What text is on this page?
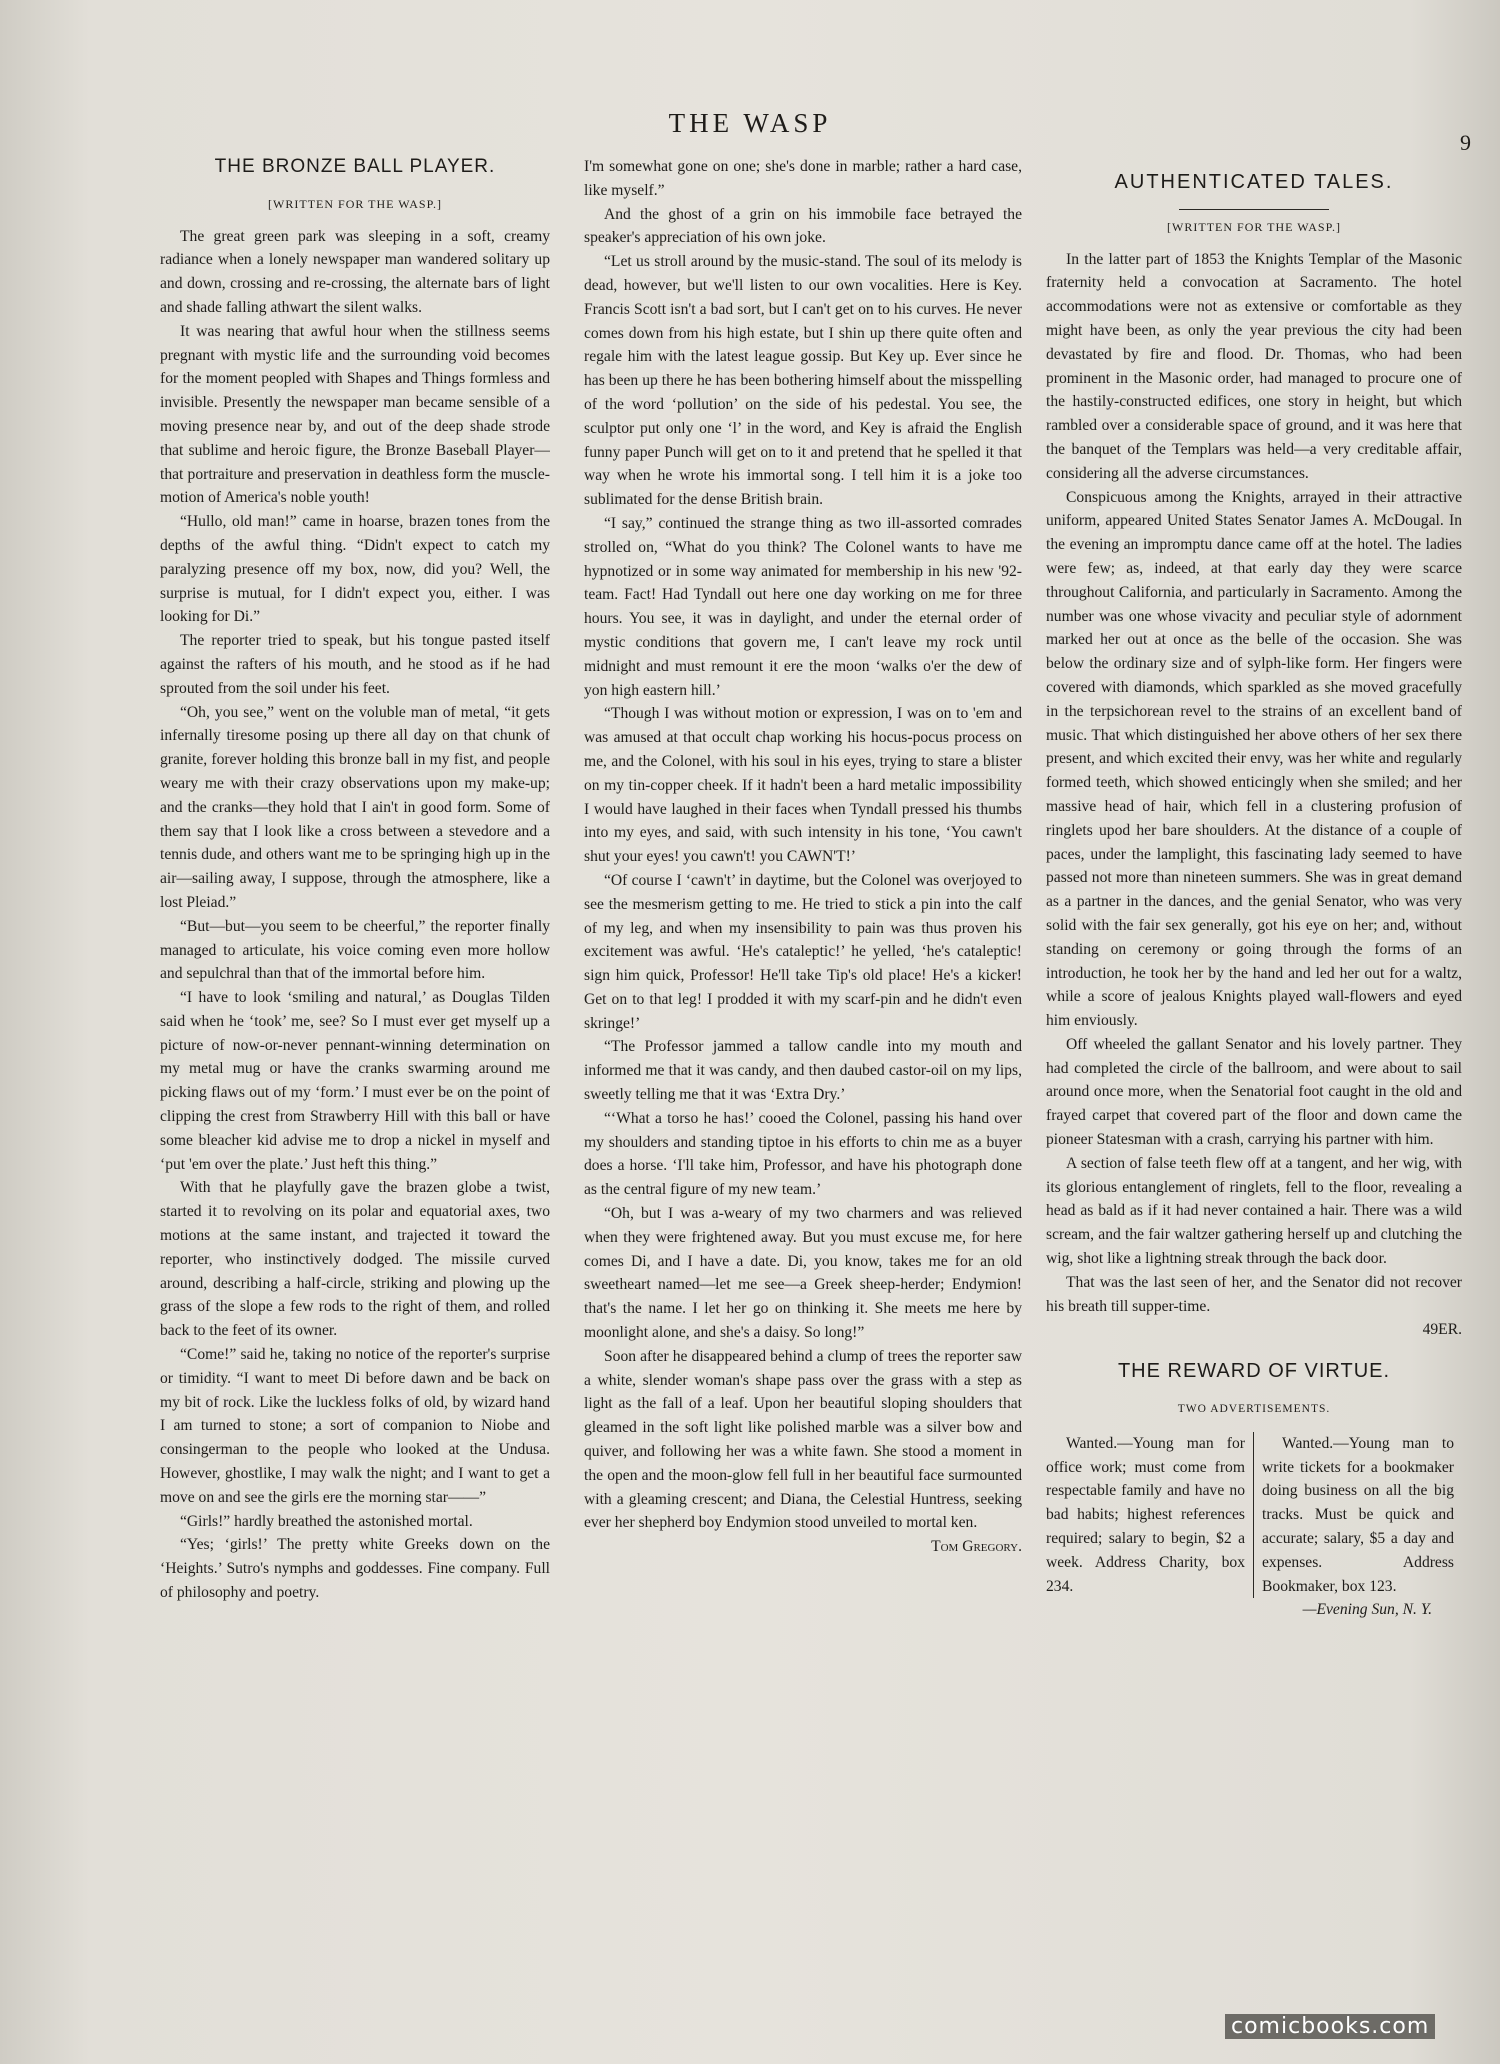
THE WASP
9
THE BRONZE BALL PLAYER.
[WRITTEN FOR THE WASP.]

The great green park was sleeping in a soft, creamy radiance when a lonely newspaper man wandered solitary up and down, crossing and re-crossing, the alternate bars of light and shade falling athwart the silent walks.

It was nearing that awful hour when the stillness seems pregnant with mystic life and the surrounding void becomes for the moment peopled with Shapes and Things formless and invisible. Presently the newspaper man became sensible of a moving presence near by, and out of the deep shade strode that sublime and heroic figure, the Bronze Baseball Player—that portraiture and preservation in deathless form the muscle-motion of America's noble youth!

“Hullo, old man!” came in hoarse, brazen tones from the depths of the awful thing. “Didn't expect to catch my paralyzing presence off my box, now, did you? Well, the surprise is mutual, for I didn't expect you, either. I was looking for Di.”

The reporter tried to speak, but his tongue pasted itself against the rafters of his mouth, and he stood as if he had sprouted from the soil under his feet.

“Oh, you see,” went on the voluble man of metal, “it gets infernally tiresome posing up there all day on that chunk of granite, forever holding this bronze ball in my fist, and people weary me with their crazy observations upon my make-up; and the cranks—they hold that I ain't in good form. Some of them say that I look like a cross between a stevedore and a tennis dude, and others want me to be springing high up in the air—sailing away, I suppose, through the atmosphere, like a lost Pleiad.”

“But—but—you seem to be cheerful,” the reporter finally managed to articulate, his voice coming even more hollow and sepulchral than that of the immortal before him.

“I have to look ‘smiling and natural,’ as Douglas Tilden said when he ‘took’ me, see? So I must ever get myself up a picture of now-or-never pennant-winning determination on my metal mug or have the cranks swarming around me picking flaws out of my ‘form.’ I must ever be on the point of clipping the crest from Strawberry Hill with this ball or have some bleacher kid advise me to drop a nickel in myself and ‘put 'em over the plate.’ Just heft this thing.”

With that he playfully gave the brazen globe a twist, started it to revolving on its polar and equatorial axes, two motions at the same instant, and trajected it toward the reporter, who instinctively dodged. The missile curved around, describing a half-circle, striking and plowing up the grass of the slope a few rods to the right of them, and rolled back to the feet of its owner.

“Come!” said he, taking no notice of the reporter's surprise or timidity. “I want to meet Di before dawn and be back on my bit of rock. Like the luckless folks of old, by wizard hand I am turned to stone; a sort of companion to Niobe and consingerman to the people who looked at the Undusa. However, ghostlike, I may walk the night; and I want to get a move on and see the girls ere the morning star——”

“Girls!” hardly breathed the astonished mortal.

“Yes; ‘girls!’ The pretty white Greeks down on the ‘Heights.’ Sutro's nymphs and goddesses. Fine company. Full of philosophy and poetry.

I'm somewhat gone on one; she's done in marble; rather a hard case, like myself.”

And the ghost of a grin on his immobile face betrayed the speaker's appreciation of his own joke.

“Let us stroll around by the music-stand. The soul of its melody is dead, however, but we'll listen to our own vocalities. Here is Key. Francis Scott isn't a bad sort, but I can't get on to his curves. He never comes down from his high estate, but I shin up there quite often and regale him with the latest league gossip. But Key up. Ever since he has been up there he has been bothering himself about the misspelling of the word ‘pollution’ on the side of his pedestal. You see, the sculptor put only one ‘l’ in the word, and Key is afraid the English funny paper Punch will get on to it and pretend that he spelled it that way when he wrote his immortal song. I tell him it is a joke too sublimated for the dense British brain.

“I say,” continued the strange thing as two ill-assorted comrades strolled on, “What do you think? The Colonel wants to have me hypnotized or in some way animated for membership in his new '92-team. Fact! Had Tyndall out here one day working on me for three hours. You see, it was in daylight, and under the eternal order of mystic conditions that govern me, I can't leave my rock until midnight and must remount it ere the moon ‘walks o'er the dew of yon high eastern hill.’

“Though I was without motion or expression, I was on to 'em and was amused at that occult chap working his hocus-pocus process on me, and the Colonel, with his soul in his eyes, trying to stare a blister on my tin-copper cheek. If it hadn't been a hard metalic impossibility I would have laughed in their faces when Tyndall pressed his thumbs into my eyes, and said, with such intensity in his tone, ‘You cawn't shut your eyes! you cawn't! you CAWN'T!’

“Of course I ‘cawn't’ in daytime, but the Colonel was overjoyed to see the mesmerism getting to me. He tried to stick a pin into the calf of my leg, and when my insensibility to pain was thus proven his excitement was awful. ‘He's cataleptic!’ he yelled, ‘he's cataleptic! sign him quick, Professor! He'll take Tip's old place! He's a kicker! Get on to that leg! I prodded it with my scarf-pin and he didn't even skringe!’

“The Professor jammed a tallow candle into my mouth and informed me that it was candy, and then daubed castor-oil on my lips, sweetly telling me that it was ‘Extra Dry.’

“‘What a torso he has!’ cooed the Colonel, passing his hand over my shoulders and standing tiptoe in his efforts to chin me as a buyer does a horse. ‘I'll take him, Professor, and have his photograph done as the central figure of my new team.’

“Oh, but I was a-weary of my two charmers and was relieved when they were frightened away. But you must excuse me, for here comes Di, and I have a date. Di, you know, takes me for an old sweetheart named—let me see—a Greek sheep-herder; Endymion! that's the name. I let her go on thinking it. She meets me here by moonlight alone, and she's a daisy. So long!”

Soon after he disappeared behind a clump of trees the reporter saw a white, slender woman's shape pass over the grass with a step as light as the fall of a leaf. Upon her beautiful sloping shoulders that gleamed in the soft light like polished marble was a silver bow and quiver, and following her was a white fawn. She stood a moment in the open and the moon-glow fell full in her beautiful face surmounted with a gleaming crescent; and Diana, the Celestial Huntress, seeking ever her shepherd boy Endymion stood unveiled to mortal ken.

Tom Gregory.
AUTHENTICATED TALES.
[WRITTEN FOR THE WASP.]

In the latter part of 1853 the Knights Templar of the Masonic fraternity held a convocation at Sacramento. The hotel accommodations were not as extensive or comfortable as they might have been, as only the year previous the city had been devastated by fire and flood. Dr. Thomas, who had been prominent in the Masonic order, had managed to procure one of the hastily-constructed edifices, one story in height, but which rambled over a considerable space of ground, and it was here that the banquet of the Templars was held—a very creditable affair, considering all the adverse circumstances.

Conspicuous among the Knights, arrayed in their attractive uniform, appeared United States Senator James A. McDougal. In the evening an impromptu dance came off at the hotel. The ladies were few; as, indeed, at that early day they were scarce throughout California, and particularly in Sacramento. Among the number was one whose vivacity and peculiar style of adornment marked her out at once as the belle of the occasion. She was below the ordinary size and of sylph-like form. Her fingers were covered with diamonds, which sparkled as she moved gracefully in the terpsichorean revel to the strains of an excellent band of music. That which distinguished her above others of her sex there present, and which excited their envy, was her white and regularly formed teeth, which showed enticingly when she smiled; and her massive head of hair, which fell in a clustering profusion of ringlets upod her bare shoulders. At the distance of a couple of paces, under the lamplight, this fascinating lady seemed to have passed not more than nineteen summers. She was in great demand as a partner in the dances, and the genial Senator, who was very solid with the fair sex generally, got his eye on her; and, without standing on ceremony or going through the forms of an introduction, he took her by the hand and led her out for a waltz, while a score of jealous Knights played wall-flowers and eyed him enviously.

Off wheeled the gallant Senator and his lovely partner. They had completed the circle of the ballroom, and were about to sail around once more, when the Senatorial foot caught in the old and frayed carpet that covered part of the floor and down came the pioneer Statesman with a crash, carrying his partner with him.

A section of false teeth flew off at a tangent, and her wig, with its glorious entanglement of ringlets, fell to the floor, revealing a head as bald as if it had never contained a hair. There was a wild scream, and the fair waltzer gathering herself up and clutching the wig, shot like a lightning streak through the back door.

That was the last seen of her, and the Senator did not recover his breath till supper-time.

49ER.
THE REWARD OF VIRTUE.
TWO ADVERTISEMENTS.

Wanted.—Young man for office work; must come from respectable family and have no bad habits; highest references required; salary to begin, $2 a week. Address Charity, box 234.

Wanted.—Young man to write tickets for a bookmaker doing business on all the big tracks. Must be quick and accurate; salary, $5 a day and expenses. Address Bookmaker, box 123.

—Evening Sun, N. Y.

comicbooks.com
